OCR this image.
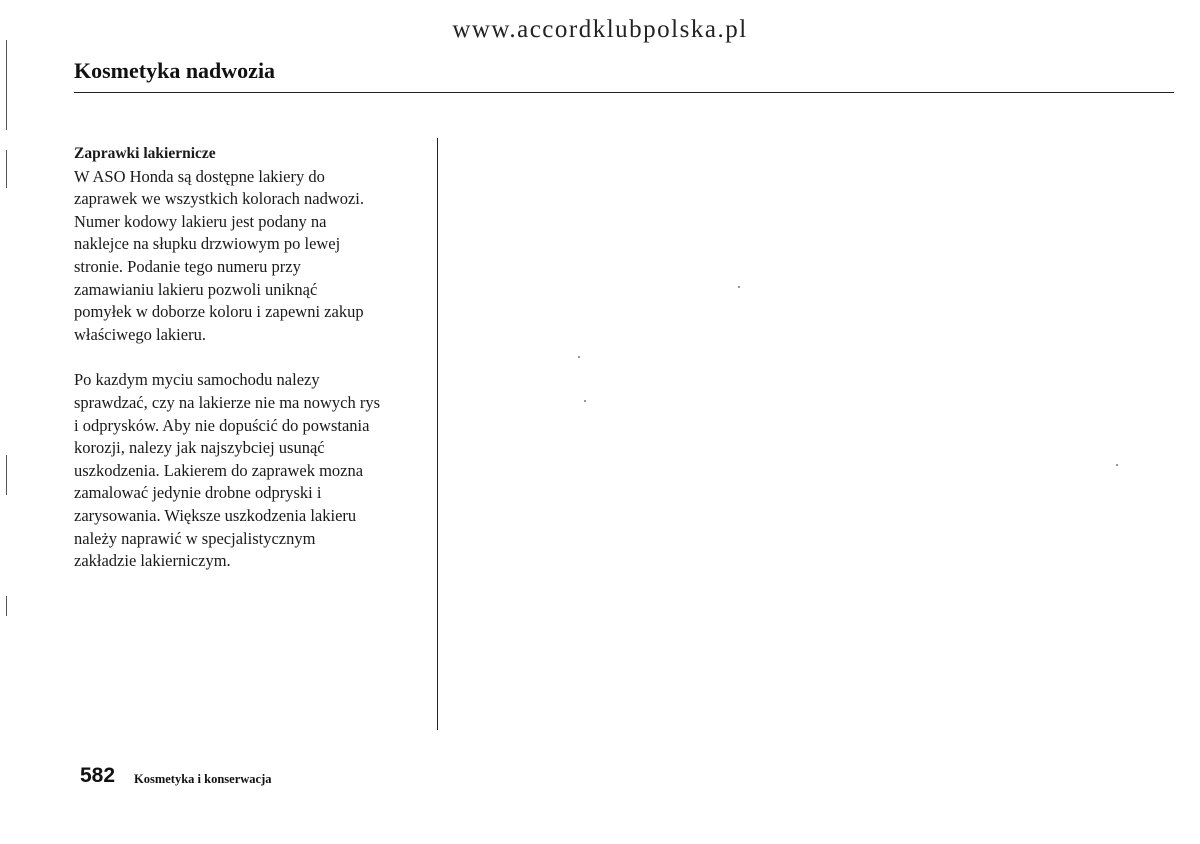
www.accordklubpolska.pl
Kosmetyka nadwozia

Zaprawki lakiernicze

W ASO Honda są dostępne lakiery do
zaprawek we wszystkich kolorach nadwozi.
Numer kodowy lakieru jest podany na
naklejce na słupku drzwiowym po lewej
stronie. Podanie tego numeru przy
zamawianiu lakieru pozwoli uniknąć
pomyłek w doborze koloru i zapewni zakup
właściwego lakieru.

Po kazdym myciu samochodu nalezy
sprawdzać, czy na lakierze nie ma nowych rys
i odprysków. Aby nie dopuścić do powstania
korozji, nalezy jak najszybciej usunąć
uszkodzenia. Lakierem do zaprawek mozna
zamalować jedynie drobne odpryski i
zarysowania. Większe uszkodzenia lakieru
należy naprawić w specjalistycznym
zakładzie lakierniczym.

582 Kosmetyka i konserwacja
